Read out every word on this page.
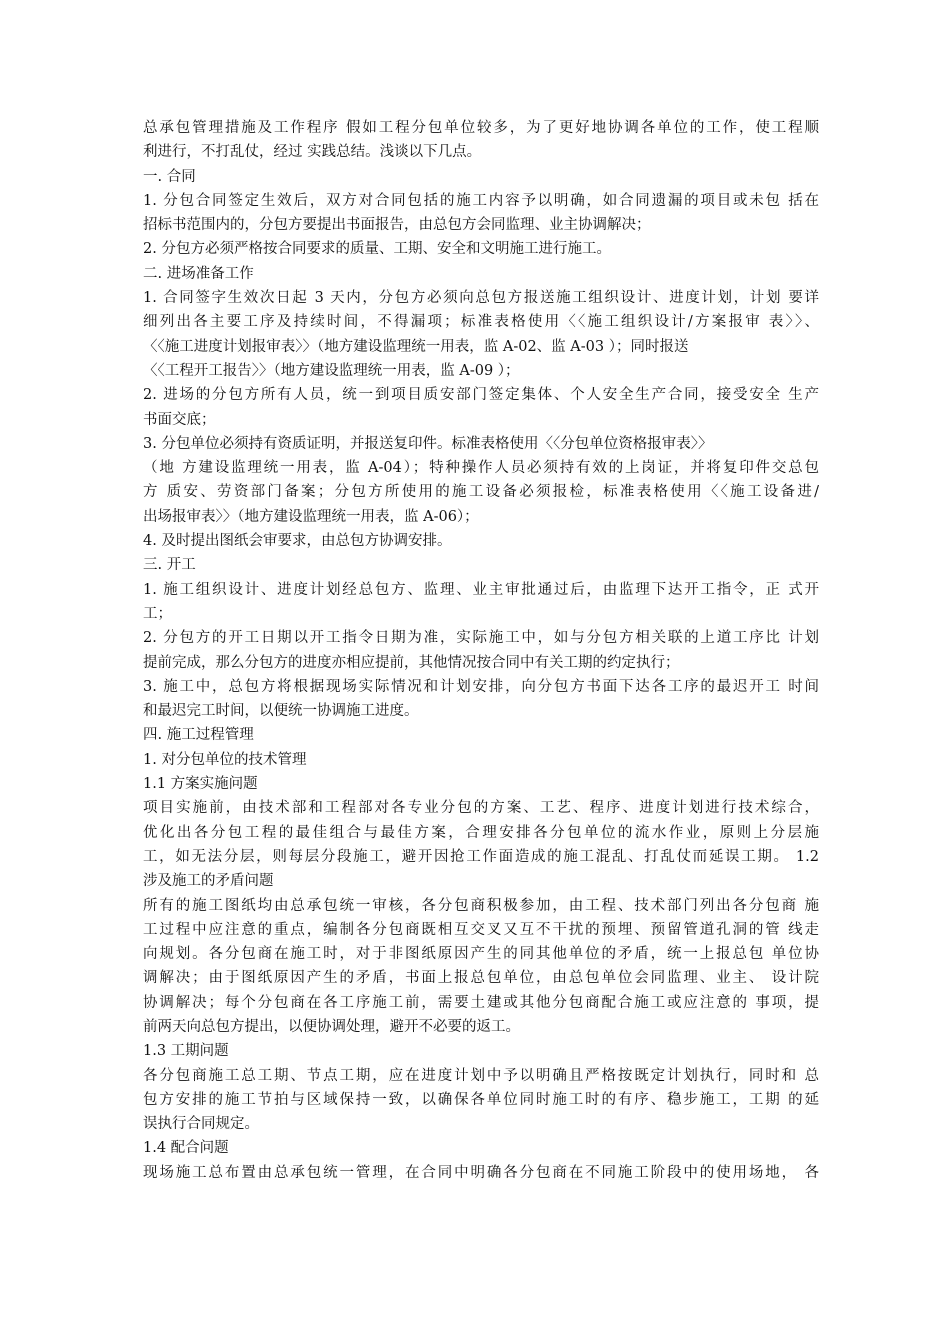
总承包管理措施及工作程序 假如工程分包单位较多，为了更好地协调各单位的工作，使工程顺
利进行，不打乱仗，经过 实践总结。浅谈以下几点。
一. 合同
1. 分包合同签定生效后，双方对合同包括的施工内容予以明确，如合同遗漏的项目或未包 括在
招标书范围内的，分包方要提出书面报告，由总包方会同监理、业主协调解决；
2. 分包方必须严格按合同要求的质量、工期、安全和文明施工进行施工。
二. 进场准备工作
1. 合同签字生效次日起 3 天内，分包方必须向总包方报送施工组织设计、进度计划，计划 要详
细列出各主要工序及持续时间，不得漏项；标准表格使用〈〈施工组织设计/方案报审 表〉〉、
〈〈施工进度计划报审表〉〉（地方建设监理统一用表，监 A-02、监 A-03 ）；同时报送
〈〈工程开工报告〉〉（地方建设监理统一用表，监 A-09 ）；
2. 进场的分包方所有人员，统一到项目质安部门签定集体、个人安全生产合同，接受安全 生产
书面交底；
3. 分包单位必须持有资质证明，并报送复印件。标准表格使用〈〈分包单位资格报审表〉〉
（地 方建设监理统一用表，监 A-04）；特种操作人员必须持有效的上岗证，并将复印件交总包
方 质安、劳资部门备案；分包方所使用的施工设备必须报检，标准表格使用〈〈施工设备进/
出场报审表〉〉（地方建设监理统一用表，监 A-06）；
4. 及时提出图纸会审要求，由总包方协调安排。
三. 开工
1. 施工组织设计、进度计划经总包方、监理、业主审批通过后，由监理下达开工指令，正 式开
工；
2. 分包方的开工日期以开工指令日期为准，实际施工中，如与分包方相关联的上道工序比 计划
提前完成，那么分包方的进度亦相应提前，其他情况按合同中有关工期的约定执行；
3. 施工中，总包方将根据现场实际情况和计划安排，向分包方书面下达各工序的最迟开工 时间
和最迟完工时间，以便统一协调施工进度。
四. 施工过程管理
1. 对分包单位的技术管理
1.1 方案实施问题
项目实施前，由技术部和工程部对各专业分包的方案、工艺、程序、进度计划进行技术综合，
优化出各分包工程的最佳组合与最佳方案，合理安排各分包单位的流水作业，原则上分层施
工，如无法分层，则每层分段施工，避开因抢工作面造成的施工混乱、打乱仗而延误工期。 1.2
涉及施工的矛盾问题
所有的施工图纸均由总承包统一审核，各分包商积极参加，由工程、技术部门列出各分包商 施
工过程中应注意的重点，编制各分包商既相互交叉又互不干扰的预埋、预留管道孔洞的管 线走
向规划。各分包商在施工时，对于非图纸原因产生的同其他单位的矛盾，统一上报总包 单位协
调解决；由于图纸原因产生的矛盾，书面上报总包单位，由总包单位会同监理、业主、 设计院
协调解决；每个分包商在各工序施工前，需要土建或其他分包商配合施工或应注意的 事项，提
前两天向总包方提出，以便协调处理，避开不必要的返工。
1.3 工期问题
各分包商施工总工期、节点工期，应在进度计划中予以明确且严格按既定计划执行，同时和 总
包方安排的施工节拍与区域保持一致，以确保各单位同时施工时的有序、稳步施工，工期 的延
误执行合同规定。
1.4 配合问题
现场施工总布置由总承包统一管理，在合同中明确各分包商在不同施工阶段中的使用场地， 各
